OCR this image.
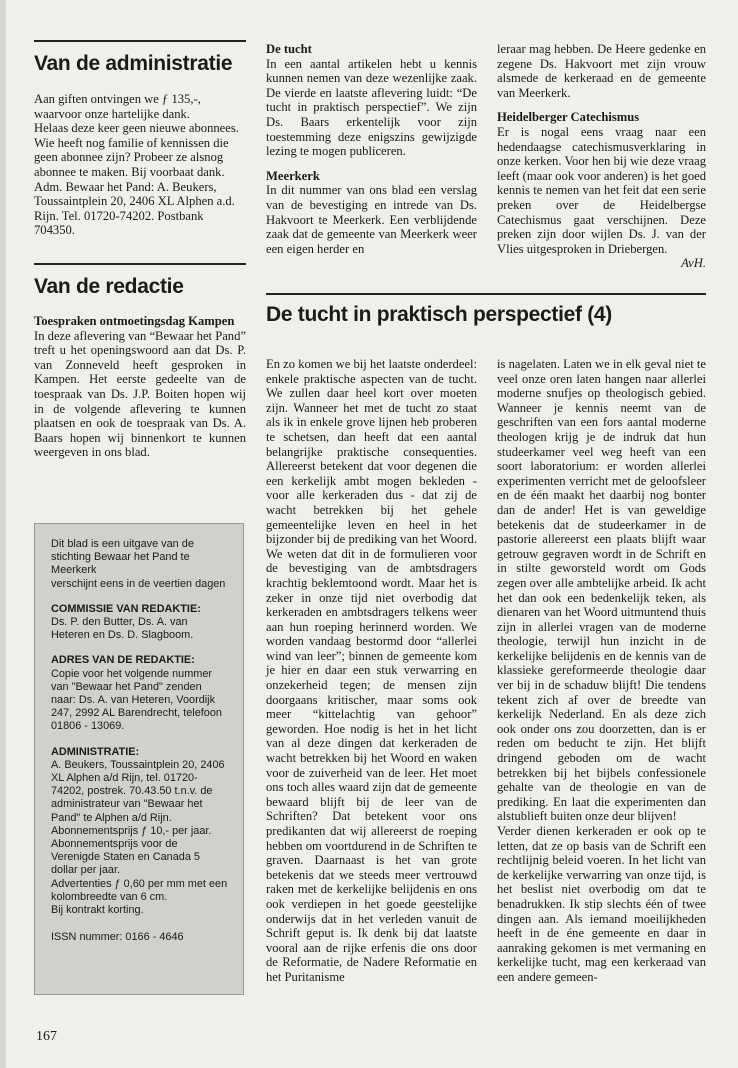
Van de administratie

Aan giften ontvingen we ƒ 135,-, waarvoor onze hartelijke dank.

Helaas deze keer geen nieuwe abonnees. Wie heeft nog familie of kennissen die geen abonnee zijn? Probeer ze alsnog abonnee te maken. Bij voorbaat dank.

Adm. Bewaar het Pand: A. Beukers, Toussaintplein 20, 2406 XL Alphen a.d. Rijn. Tel. 01720-74202. Postbank 704350.

Van de redactie

Toespraken ontmoetingsdag Kampen

In deze aflevering van “Bewaar het Pand” treft u het openingswoord aan dat Ds. P. van Zonneveld heeft gesproken in Kampen. Het eerste gedeelte van de toespraak van Ds. J.P. Boiten hopen wij in de volgende aflevering te kunnen plaatsen en ook de toespraak van Ds. A. Baars hopen wij binnenkort te kunnen weergeven in ons blad.

Dit blad is een uitgave van de stichting Bewaar het Pand te Meerkerk

verschijnt eens in de veertien dagen

COMMISSIE VAN REDAKTIE:

Ds. P. den Butter, Ds. A. van Heteren en Ds. D. Slagboom.

ADRES VAN DE REDAKTIE:

Copie voor het volgende nummer van "Bewaar het Pand" zenden naar: Ds. A. van Heteren, Voordijk 247, 2992 AL Barendrecht, telefoon 01806 - 13069.

ADMINISTRATIE:

A. Beukers, Toussaintplein 20, 2406 XL Alphen a/d Rijn, tel. 01720-74202, postrek. 70.43.50 t.n.v. de administrateur van "Bewaar het Pand" te Alphen a/d Rijn.

Abonnementsprijs ƒ 10,- per jaar.

Abonnementsprijs voor de Verenigde Staten en Canada 5 dollar per jaar.

Advertenties ƒ 0,60 per mm met een kolombreedte van 6 cm.

Bij kontrakt korting.

ISSN nummer: 0166 - 4646

De tucht

In een aantal artikelen hebt u kennis kunnen nemen van deze wezenlijke zaak. De vierde en laatste aflevering luidt: “De tucht in praktisch perspectief”. We zijn Ds. Baars erkentelijk voor zijn toestemming deze enigszins gewijzigde lezing te mogen publiceren.

Meerkerk

In dit nummer van ons blad een verslag van de bevestiging en intrede van Ds. Hakvoort te Meerkerk. Een verblijdende zaak dat de gemeente van Meerkerk weer een eigen herder en

leraar mag hebben. De Heere gedenke en zegene Ds. Hakvoort met zijn vrouw alsmede de kerkeraad en de gemeente van Meerkerk.

Heidelberger Catechismus

Er is nogal eens vraag naar een hedendaagse catechismusverklaring in onze kerken. Voor hen bij wie deze vraag leeft (maar ook voor anderen) is het goed kennis te nemen van het feit dat een serie preken over de Heidelbergse Catechismus gaat verschijnen. Deze preken zijn door wijlen Ds. J. van der Vlies uitgesproken in Driebergen.

AvH.

De tucht in praktisch perspectief (4)

En zo komen we bij het laatste onderdeel: enkele praktische aspecten van de tucht. We zullen daar heel kort over moeten zijn. Wanneer het met de tucht zo staat als ik in enkele grove lijnen heb proberen te schetsen, dan heeft dat een aantal belangrijke praktische consequenties. Allereerst betekent dat voor degenen die een kerkelijk ambt mogen bekleden - voor alle kerkeraden dus - dat zij de wacht betrekken bij het gehele gemeentelijke leven en heel in het bijzonder bij de prediking van het Woord. We weten dat dit in de formulieren voor de bevestiging van de ambtsdragers krachtig beklemtoond wordt. Maar het is zeker in onze tijd niet overbodig dat kerkeraden en ambtsdragers telkens weer aan hun roeping herinnerd worden. We worden vandaag bestormd door “allerlei wind van leer”; binnen de gemeente kom je hier en daar een stuk verwarring en onzekerheid tegen; de mensen zijn doorgaans kritischer, maar soms ook meer “kittelachtig van gehoor” geworden. Hoe nodig is het in het licht van al deze dingen dat kerkeraden de wacht betrekken bij het Woord en waken voor de zuiverheid van de leer. Het moet ons toch alles waard zijn dat de gemeente bewaard blijft bij de leer van de Schriften? Dat betekent voor ons predikanten dat wij allereerst de roeping hebben om voortdurend in de Schriften te graven. Daarnaast is het van grote betekenis dat we steeds meer vertrouwd raken met de kerkelijke belijdenis en ons ook verdiepen in het goede geestelijke onderwijs dat in het verleden vanuit de Schrift geput is. Ik denk bij dat laatste vooral aan de rijke erfenis die ons door de Reformatie, de Nadere Reformatie en het Puritanisme

is nagelaten. Laten we in elk geval niet te veel onze oren laten hangen naar allerlei moderne snufjes op theologisch gebied. Wanneer je kennis neemt van de geschriften van een fors aantal moderne theologen krijg je de indruk dat hun studeerkamer veel weg heeft van een soort laboratorium: er worden allerlei experimenten verricht met de geloofsleer en de één maakt het daarbij nog bonter dan de ander! Het is van geweldige betekenis dat de studeerkamer in de pastorie allereerst een plaats blijft waar getrouw gegraven wordt in de Schrift en in stilte geworsteld wordt om Gods zegen over alle ambtelijke arbeid. Ik acht het dan ook een bedenkelijk teken, als dienaren van het Woord uitmuntend thuis zijn in allerlei vragen van de moderne theologie, terwijl hun inzicht in de kerkelijke belijdenis en de kennis van de klassieke gereformeerde theologie daar ver bij in de schaduw blijft! Die tendens tekent zich af over de breedte van kerkelijk Nederland. En als deze zich ook onder ons zou doorzetten, dan is er reden om beducht te zijn. Het blijft dringend geboden om de wacht betrekken bij het bijbels confessionele gehalte van de theologie en van de prediking. En laat die experimenten dan alstublieft buiten onze deur blijven!

Verder dienen kerkeraden er ook op te letten, dat ze op basis van de Schrift een rechtlijnig beleid voeren. In het licht van de kerkelijke verwarring van onze tijd, is het beslist niet overbodig om dat te benadrukken. Ik stip slechts één of twee dingen aan. Als iemand moeilijkheden heeft in de éne gemeente en daar in aanraking gekomen is met vermaning en kerkelijke tucht, mag een kerkeraad van een andere gemeen-

167
